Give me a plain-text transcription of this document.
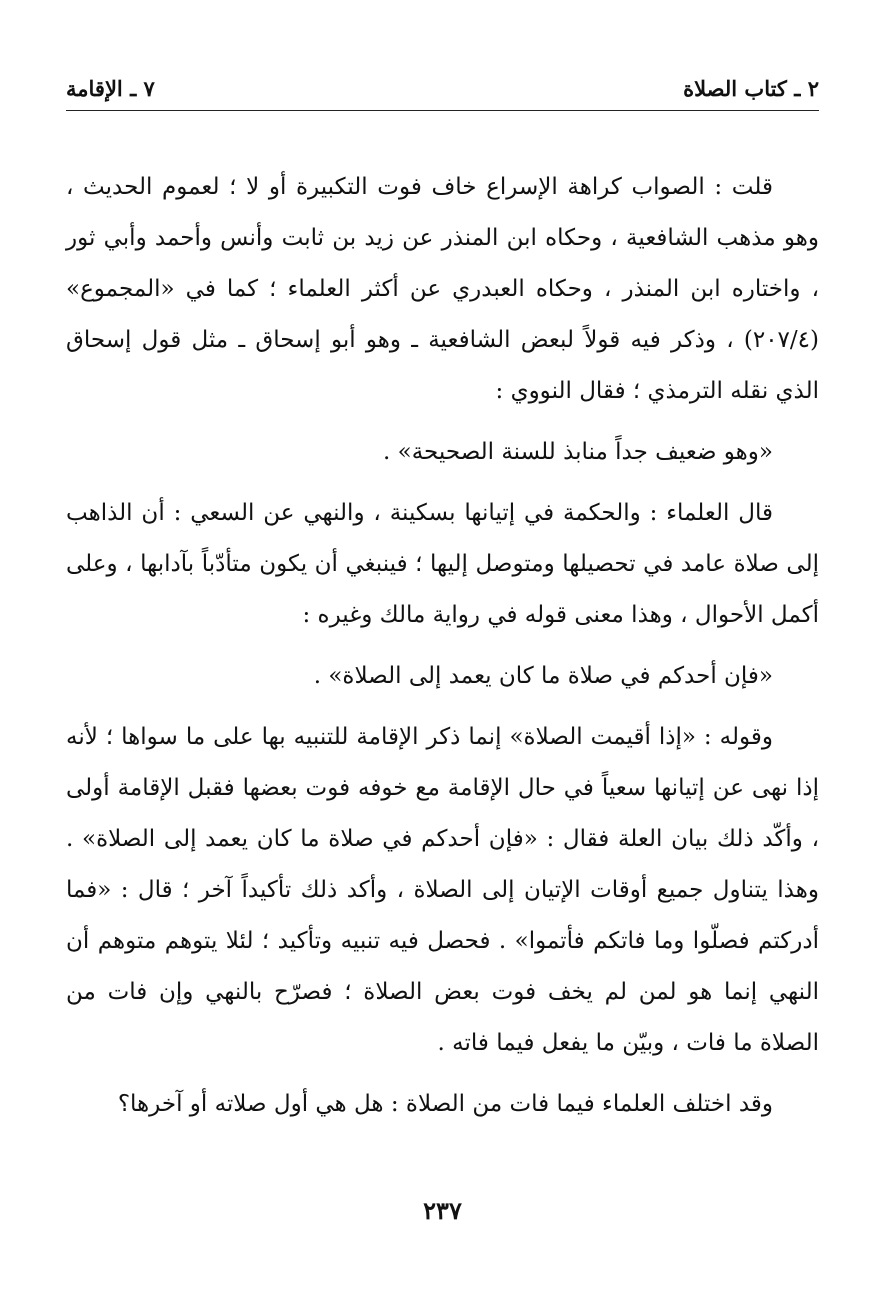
٢ ـ كتاب الصلاة
٧ ـ الإقامة

قلت : الصواب كراهة الإسراع خاف فوت التكبيرة أو لا ؛ لعموم الحديث ، وهو مذهب الشافعية ، وحكاه ابن المنذر عن زيد بن ثابت وأنس وأحمد وأبي ثور ، واختاره ابن المنذر ، وحكاه العبدري عن أكثر العلماء ؛ كما في «المجموع» (٢٠٧/٤) ، وذكر فيه قولاً لبعض الشافعية ـ وهو أبو إسحاق ـ مثل قول إسحاق الذي نقله الترمذي ؛ فقال النووي :

«وهو ضعيف جداً منابذ للسنة الصحيحة» .

قال العلماء : والحكمة في إتيانها بسكينة ، والنهي عن السعي : أن الذاهب إلى صلاة عامد في تحصيلها ومتوصل إليها ؛ فينبغي أن يكون متأدّباً بآدابها ، وعلى أكمل الأحوال ، وهذا معنى قوله في رواية مالك وغيره :

«فإن أحدكم في صلاة ما كان يعمد إلى الصلاة» .

وقوله : «إذا أقيمت الصلاة» إنما ذكر الإقامة للتنبيه بها على ما سواها ؛ لأنه إذا نهى عن إتيانها سعياً في حال الإقامة مع خوفه فوت بعضها فقبل الإقامة أولى ، وأكّد ذلك بيان العلة فقال : «فإن أحدكم في صلاة ما كان يعمد إلى الصلاة» . وهذا يتناول جميع أوقات الإتيان إلى الصلاة ، وأكد ذلك تأكيداً آخر ؛ قال : «فما أدركتم فصلّوا وما فاتكم فأتموا» . فحصل فيه تنبيه وتأكيد ؛ لئلا يتوهم متوهم أن النهي إنما هو لمن لم يخف فوت بعض الصلاة ؛ فصرّح بالنهي وإن فات من الصلاة ما فات ، وبيّن ما يفعل فيما فاته .

وقد اختلف العلماء فيما فات من الصلاة : هل هي أول صلاته أو آخرها؟

٢٣٧
